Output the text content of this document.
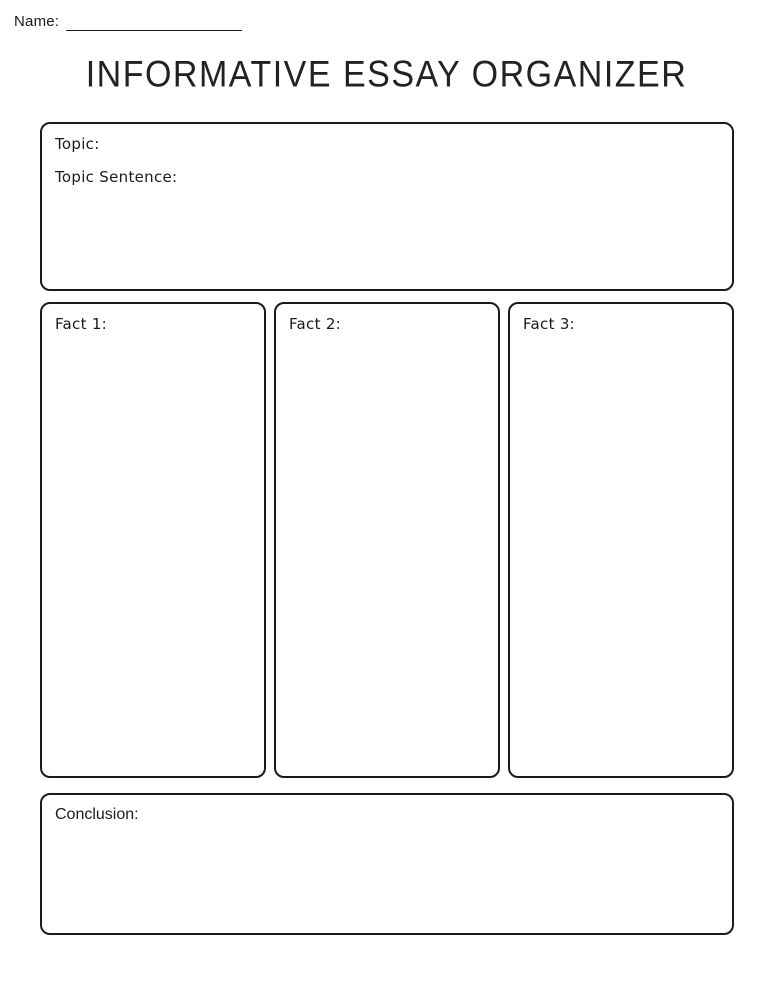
Name:
INFORMATIVE ESSAY ORGANIZER
Topic:
Topic Sentence:
Fact 1:	Fact 2:	Fact 3:
Conclusion:
